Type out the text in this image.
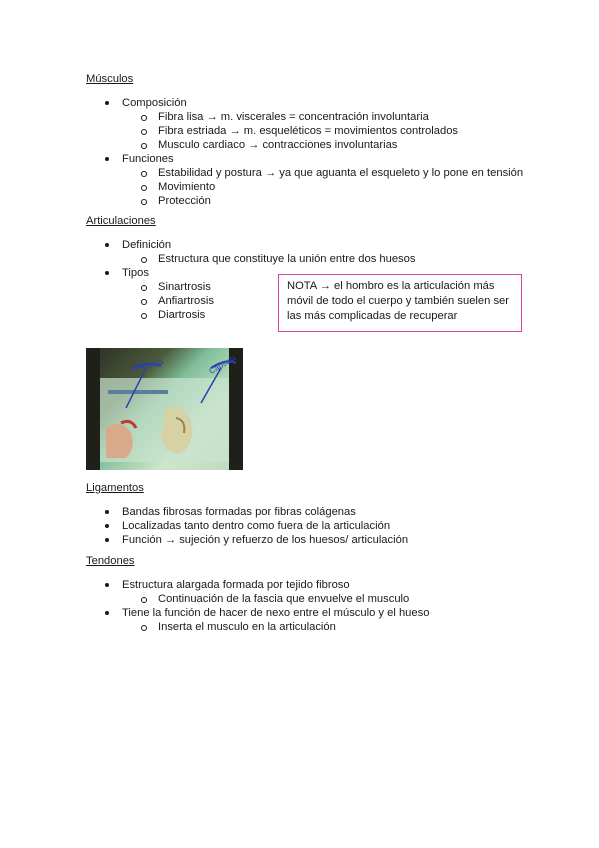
Músculos
Composición
Fibra lisa → m. viscerales = concentración involuntaria
Fibra estriada → m. esqueléticos = movimientos controlados
Musculo cardiaco → contracciones involuntarias
Funciones
Estabilidad y postura → ya que aguanta el esqueleto y lo pone en tensión
Movimiento
Protección
Articulaciones
Definición
Estructura que constituye la unión entre dos huesos
Tipos
Sinartrosis
Anfiartrosis
Diartrosis

NOTA → el hombro es la articulación más móvil de todo el cuerpo y también suelen ser las más complicadas de recuperar

Cápsula	Cápsula
Ligamentos
Bandas fibrosas formadas por fibras colágenas
Localizadas tanto dentro como fuera de la articulación
Función → sujeción y refuerzo de los huesos/ articulación
Tendones
Estructura alargada formada por tejido fibroso
Continuación de la fascia que envuelve el musculo
Tiene la función de hacer de nexo entre el músculo y el hueso
Inserta el musculo en la articulación
